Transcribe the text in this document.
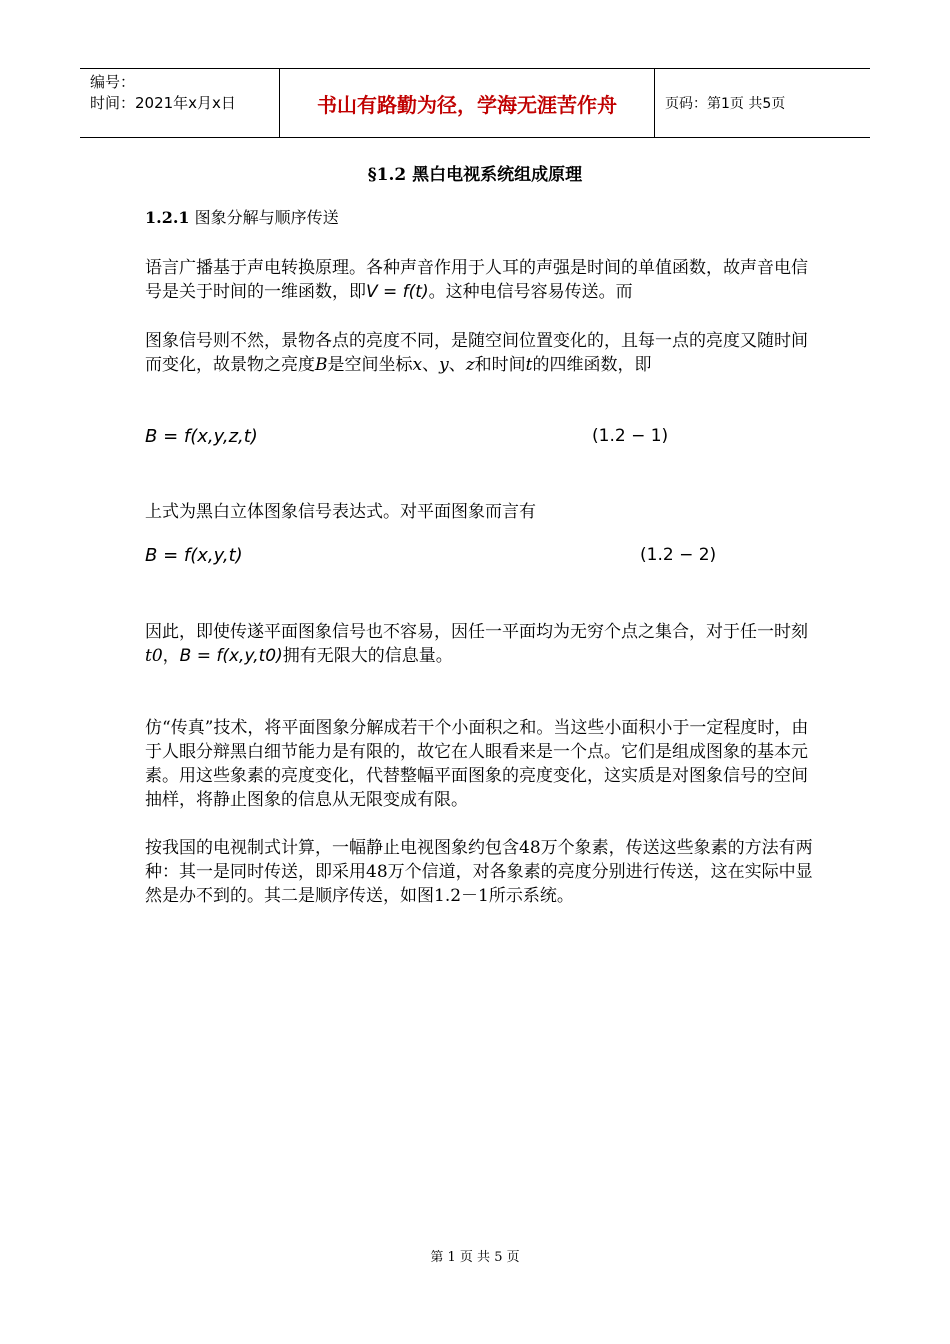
编号：
时间：2021年x月x日	书山有路勤为径，学海无涯苦作舟	页码：第1页 共5页
§1.2 黑白电视系统组成原理
1.2.1 图象分解与顺序传送
语言广播基于声电转换原理。各种声音作用于人耳的声强是时间的单值函数，故声音电信号是关于时间的一维函数，即V = f(t)。这种电信号容易传送。而
图象信号则不然，景物各点的亮度不同，是随空间位置变化的，且每一点的亮度又随时间而变化，故景物之亮度B是空间坐标x、y、z和时间t的四维函数，即
B = f(x,y,z,t)	(1.2 − 1)
上式为黑白立体图象信号表达式。对平面图象而言有
B = f(x,y,t)	(1.2 − 2)
因此，即使传遂平面图象信号也不容易，因任一平面均为无穷个点之集合，对于任一时刻t0，B = f(x,y,t0)拥有无限大的信息量。
仿“传真”技术，将平面图象分解成若干个小面积之和。当这些小面积小于一定程度时，由于人眼分辩黑白细节能力是有限的，故它在人眼看来是一个点。它们是组成图象的基本元素。用这些象素的亮度变化，代替整幅平面图象的亮度变化，这实质是对图象信号的空间抽样，将静止图象的信息从无限变成有限。
按我国的电视制式计算，一幅静止电视图象约包含48万个象素，传送这些象素的方法有两种：其一是同时传送，即采用48万个信道，对各象素的亮度分别进行传送，这在实际中显然是办不到的。其二是顺序传送，如图1.2－1所示系统。
第 1 页 共 5 页
